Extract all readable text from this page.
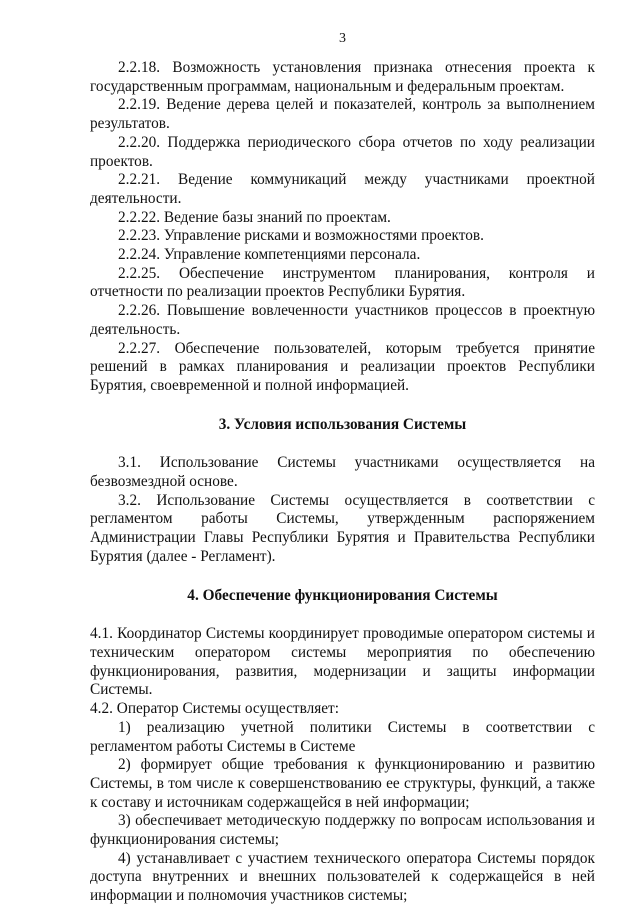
3

2.2.18. Возможность установления признака отнесения проекта к государственным программам, национальным и федеральным проектам.

2.2.19. Ведение дерева целей и показателей, контроль за выполнением результатов.

2.2.20. Поддержка периодического сбора отчетов по ходу реализации проектов.

2.2.21. Ведение коммуникаций между участниками проектной деятельности.

2.2.22. Ведение базы знаний по проектам.

2.2.23. Управление рисками и возможностями проектов.

2.2.24. Управление компетенциями персонала.

2.2.25. Обеспечение инструментом планирования, контроля и отчетности по реализации проектов Республики Бурятия.

2.2.26. Повышение вовлеченности участников процессов в проектную деятельность.

2.2.27. Обеспечение пользователей, которым требуется принятие решений в рамках планирования и реализации проектов Республики Бурятия, своевременной и полной информацией.

3. Условия использования Системы

3.1. Использование Системы участниками осуществляется на безвозмездной основе.

3.2. Использование Системы осуществляется в соответствии с регламентом работы Системы, утвержденным распоряжением Администрации Главы Республики Бурятия и Правительства Республики Бурятия (далее - Регламент).

4. Обеспечение функционирования Системы

4.1. Координатор Системы координирует проводимые оператором системы и техническим оператором системы мероприятия по обеспечению функционирования, развития, модернизации и защиты информации Системы.

4.2. Оператор Системы осуществляет:

1) реализацию учетной политики Системы в соответствии с регламентом работы Системы в Системе

2) формирует общие требования к функционированию и развитию Системы, в том числе к совершенствованию ее структуры, функций, а также к составу и источникам содержащейся в ней информации;

3) обеспечивает методическую поддержку по вопросам использования и функционирования системы;

4) устанавливает с участием технического оператора Системы порядок доступа внутренних и внешних пользователей к содержащейся в ней информации и полномочия участников системы;
